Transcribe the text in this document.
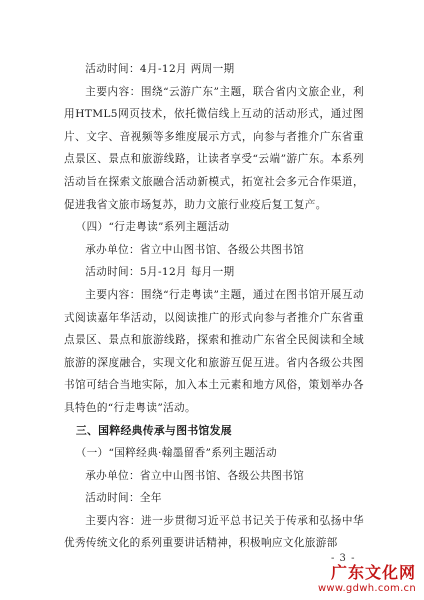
活动时间：4月-12月 两周一期

主要内容：围绕“云游广东”主题，联合省内文旅企业，利用HTML5网页技术，依托微信线上互动的活动形式，通过图片、文字、音视频等多维度展示方式，向参与者推介广东省重点景区、景点和旅游线路，让读者享受“云端”游广东。本系列活动旨在探索文旅融合活动新模式，拓宽社会多元合作渠道，促进我省文旅市场复苏，助力文旅行业疫后复工复产。

（四）“行走粤读”系列主题活动

承办单位：省立中山图书馆、各级公共图书馆

活动时间：5月-12月 每月一期

主要内容：围绕“行走粤读”主题，通过在图书馆开展互动式阅读嘉年华活动，以阅读推广的形式向参与者推介广东省重点景区、景点和旅游线路，探索和推动广东省全民阅读和全域旅游的深度融合，实现文化和旅游互促互进。省内各级公共图书馆可结合当地实际，加入本土元素和地方风俗，策划举办各具特色的“行走粤读”活动。

三、国粹经典传承与图书馆发展

（一）“国粹经典·翰墨留香”系列主题活动

承办单位：省立中山图书馆、各级公共图书馆

活动时间：全年

主要内容：进一步贯彻习近平总书记关于传承和弘扬中华优秀传统文化的系列重要讲话精神，积极响应文化旅游部

- 3 -
广东文化网
www.gdwh.com.cn
